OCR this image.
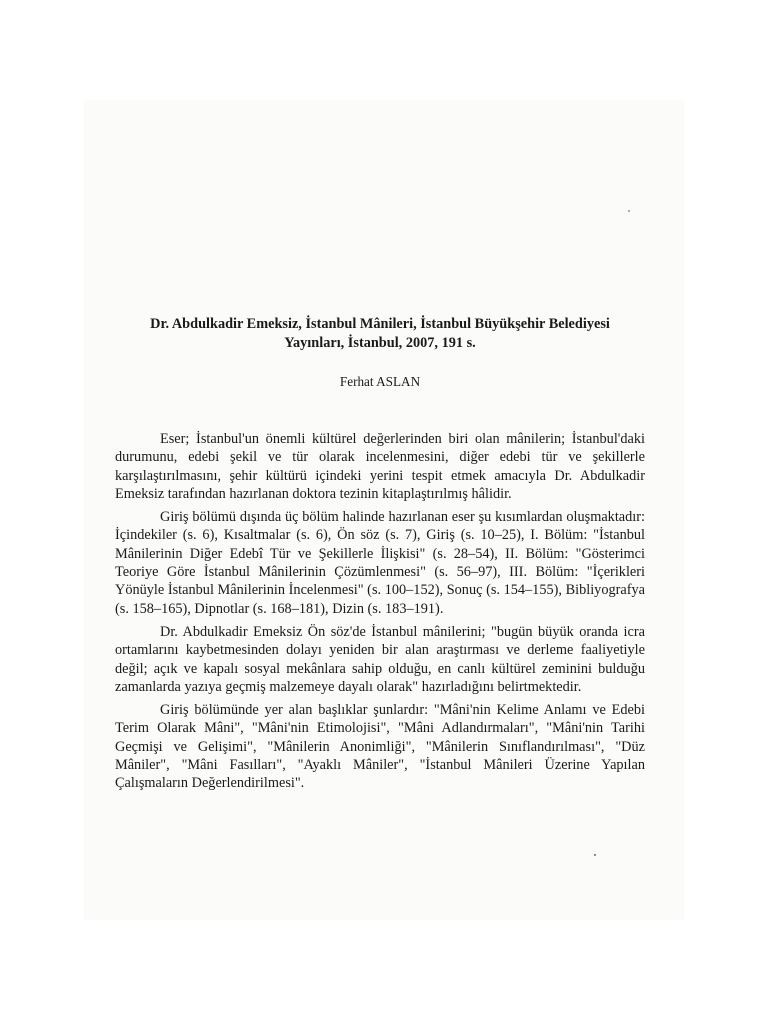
Dr. Abdulkadir Emeksiz, İstanbul Mânileri, İstanbul Büyükşehir Belediyesi
Yayınları, İstanbul, 2007, 191 s.
Ferhat ASLAN

Eser; İstanbul'un önemli kültürel değerlerinden biri olan mânilerin; İstanbul'daki durumunu, edebi şekil ve tür olarak incelenmesini, diğer edebi tür ve şekillerle karşılaştırılmasını, şehir kültürü içindeki yerini tespit etmek amacıyla Dr. Abdulkadir Emeksiz tarafından hazırlanan doktora tezinin kitaplaştırılmış hâlidir.

Giriş bölümü dışında üç bölüm halinde hazırlanan eser şu kısımlardan oluşmaktadır: İçindekiler (s. 6), Kısaltmalar (s. 6), Ön söz (s. 7), Giriş (s. 10–25), I. Bölüm: "İstanbul Mânilerinin Diğer Edebî Tür ve Şekillerle İlişkisi" (s. 28–54), II. Bölüm: "Gösterimci Teoriye Göre İstanbul Mânilerinin Çözümlenmesi" (s. 56–97), III. Bölüm: "İçerikleri Yönüyle İstanbul Mânilerinin İncelenmesi" (s. 100–152), Sonuç (s. 154–155), Bibliyografya (s. 158–165), Dipnotlar (s. 168–181), Dizin (s. 183–191).

Dr. Abdulkadir Emeksiz Ön söz'de İstanbul mânilerini; "bugün büyük oranda icra ortamlarını kaybetmesinden dolayı yeniden bir alan araştırması ve derleme faaliyetiyle değil; açık ve kapalı sosyal mekânlara sahip olduğu, en canlı kültürel zeminini bulduğu zamanlarda yazıya geçmiş malzemeye dayalı olarak" hazırladığını belirtmektedir.

Giriş bölümünde yer alan başlıklar şunlardır: "Mâni'nin Kelime Anlamı ve Edebi Terim Olarak Mâni", "Mâni'nin Etimolojisi", "Mâni Adlandırmaları", "Mâni'nin Tarihi Geçmişi ve Gelişimi", "Mânilerin Anonimliği", "Mânilerin Sınıflandırılması", "Düz Mâniler", "Mâni Fasılları", "Ayaklı Mâniler", "İstanbul Mânileri Üzerine Yapılan Çalışmaların Değerlendirilmesi".
